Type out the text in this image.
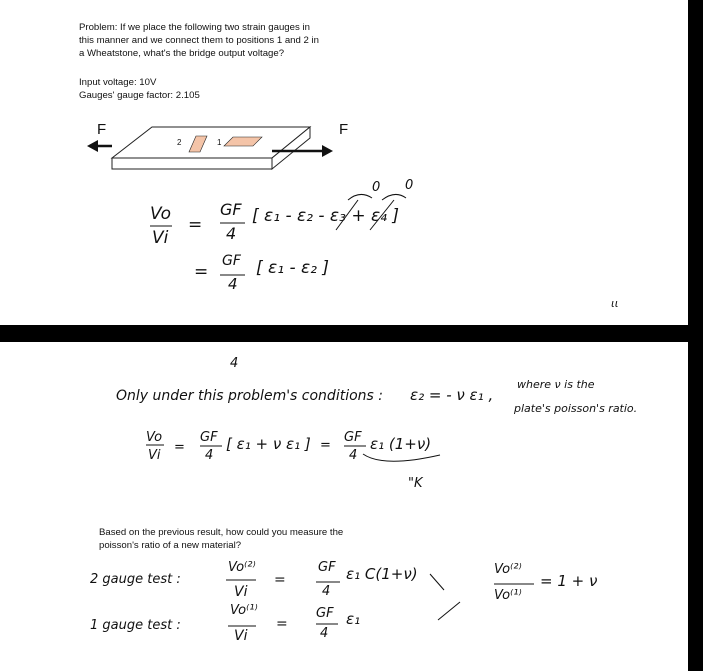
Problem: If we place the following two strain gauges in
this manner and we connect them to positions 1 and 2 in
a Wheatstone, what's the bridge output voltage?
Input voltage: 10V
Gauges' gauge factor: 2.105
F	F
2	1
Vo
Vi
=
GF
4
[ ε₁ - ε₂ - ε₃ + ε₄ ]
0 0
=
GF
4
[ ε₁ - ε₂ ]
ιι
4
Only under this problem's conditions : ε₂ = - ν ε₁ ,
where ν is the
plate's poisson's ratio.
Vo
Vi
=
GF
4
[ ε₁ + ν ε₁ ] =
GF
4
ε₁ (1+ν)
"K
Based on the previous result, how could you measure the
poisson's ratio of a new material?
2 gauge test :
Vo⁽²⁾
Vi
=
GF
4
ε₁ C(1+ν)	Vo⁽²⁾
Vo⁽¹⁾
= 1 + ν
1 gauge test :
Vo⁽¹⁾
Vi
=
GF
4
ε₁
